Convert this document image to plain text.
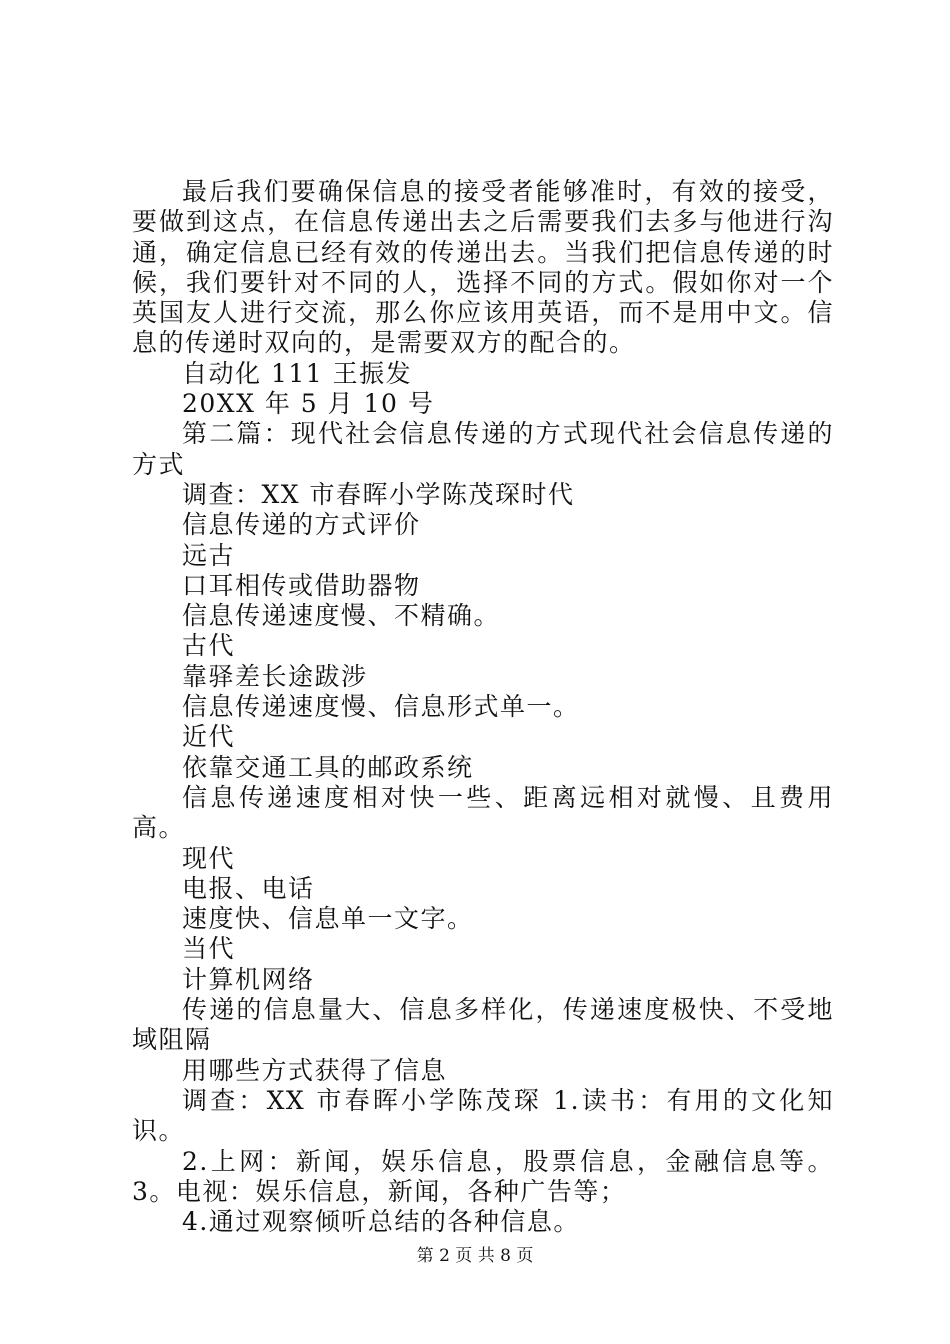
最后我们要确保信息的接受者能够准时，有效的接受，要做到这点，在信息传递出去之后需要我们去多与他进行沟通，确定信息已经有效的传递出去。当我们把信息传递的时候，我们要针对不同的人，选择不同的方式。假如你对一个英国友人进行交流，那么你应该用英语，而不是用中文。信息的传递时双向的，是需要双方的配合的。

自动化 111 王振发

20XX 年 5 月 10 号

第二篇：现代社会信息传递的方式现代社会信息传递的方式

调查：XX 市春晖小学陈茂琛时代

信息传递的方式评价

远古

口耳相传或借助器物

信息传递速度慢、不精确。

古代

靠驿差长途跋涉

信息传递速度慢、信息形式单一。

近代

依靠交通工具的邮政系统

信息传递速度相对快一些、距离远相对就慢、且费用高。

现代

电报、电话

速度快、信息单一文字。

当代

计算机网络

传递的信息量大、信息多样化，传递速度极快、不受地域阻隔

用哪些方式获得了信息

调查：XX 市春晖小学陈茂琛 1.读书：有用的文化知识。

2.上网：新闻，娱乐信息，股票信息，金融信息等。3。电视：娱乐信息，新闻，各种广告等；

4.通过观察倾听总结的各种信息。

第 2 页 共 8 页
